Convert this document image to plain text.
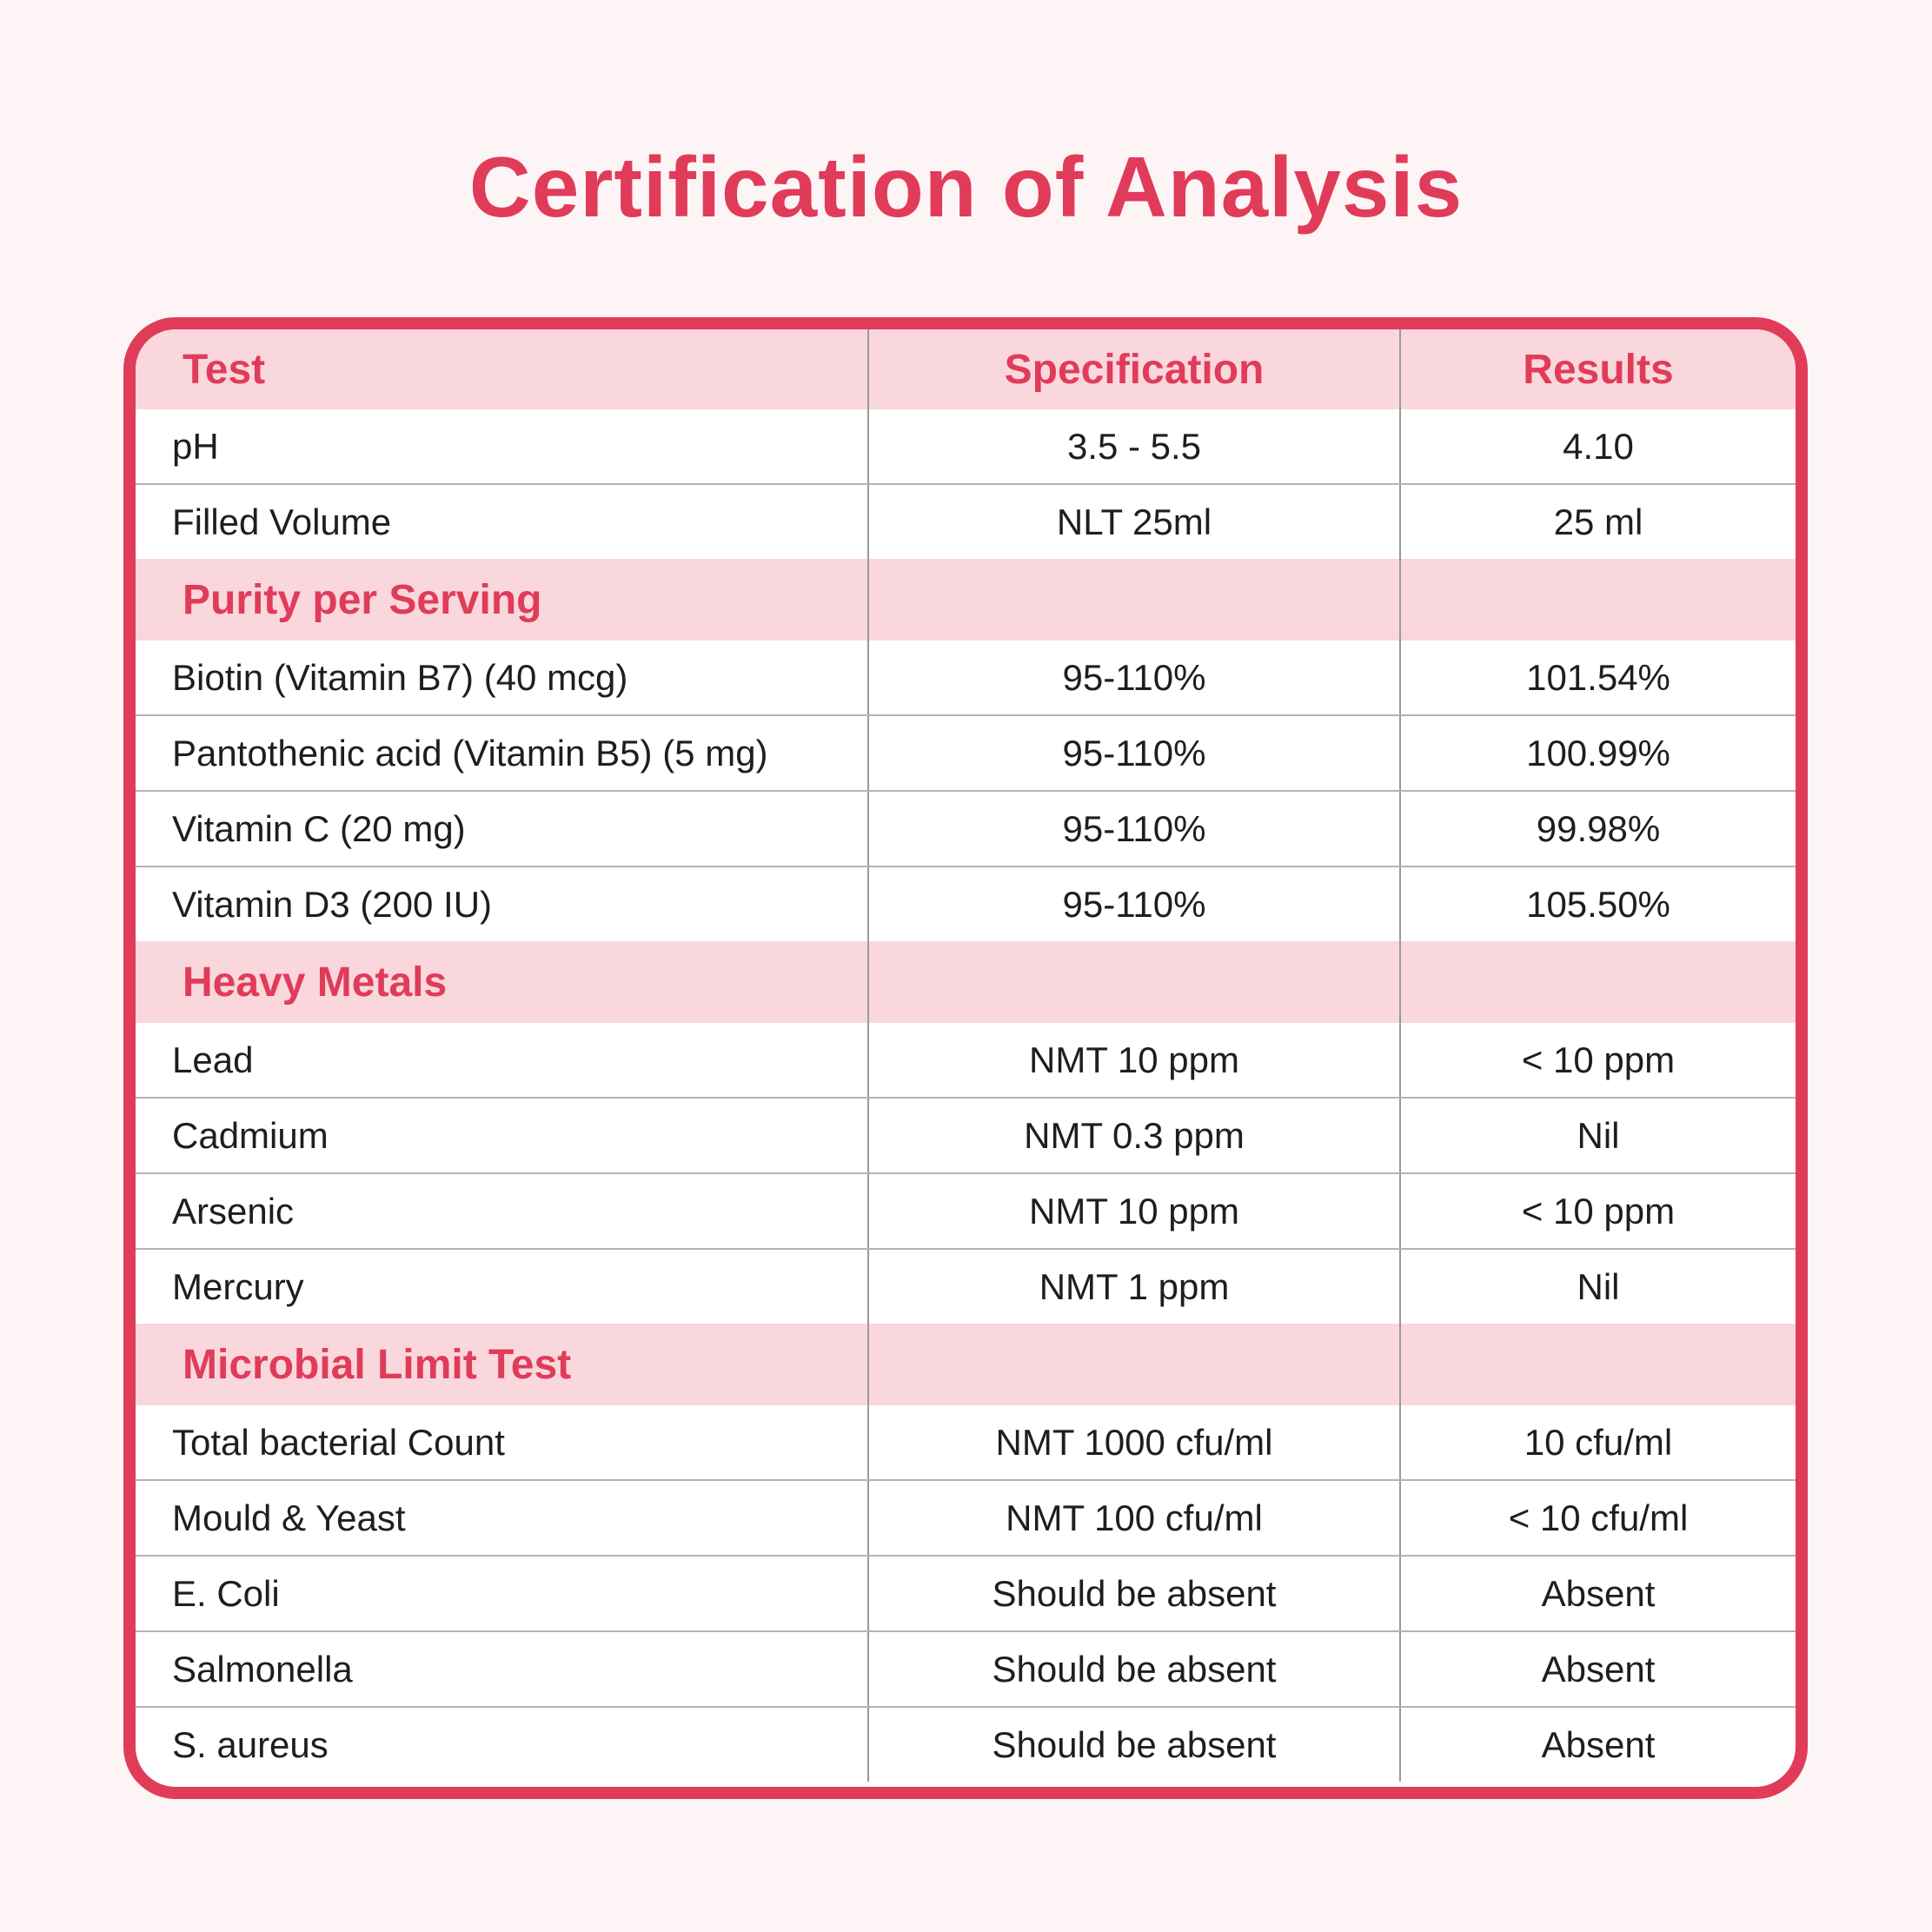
Certification of Analysis
Test	Specification	Results
pH	3.5 - 5.5	4.10
Filled Volume	NLT 25ml	25 ml
Purity per Serving		
Biotin (Vitamin B7) (40 mcg)	95-110%	101.54%
Pantothenic acid (Vitamin B5) (5 mg)	95-110%	100.99%
Vitamin C (20 mg)	95-110%	99.98%
Vitamin D3 (200 IU)	95-110%	105.50%
Heavy Metals		
Lead	NMT 10 ppm	< 10 ppm
Cadmium	NMT 0.3 ppm	Nil
Arsenic	NMT 10 ppm	< 10 ppm
Mercury	NMT 1 ppm	Nil
Microbial Limit Test		
Total bacterial Count	NMT 1000 cfu/ml	10 cfu/ml
Mould & Yeast	NMT 100 cfu/ml	< 10 cfu/ml
E. Coli	Should be absent	Absent
Salmonella	Should be absent	Absent
S. aureus	Should be absent	Absent
